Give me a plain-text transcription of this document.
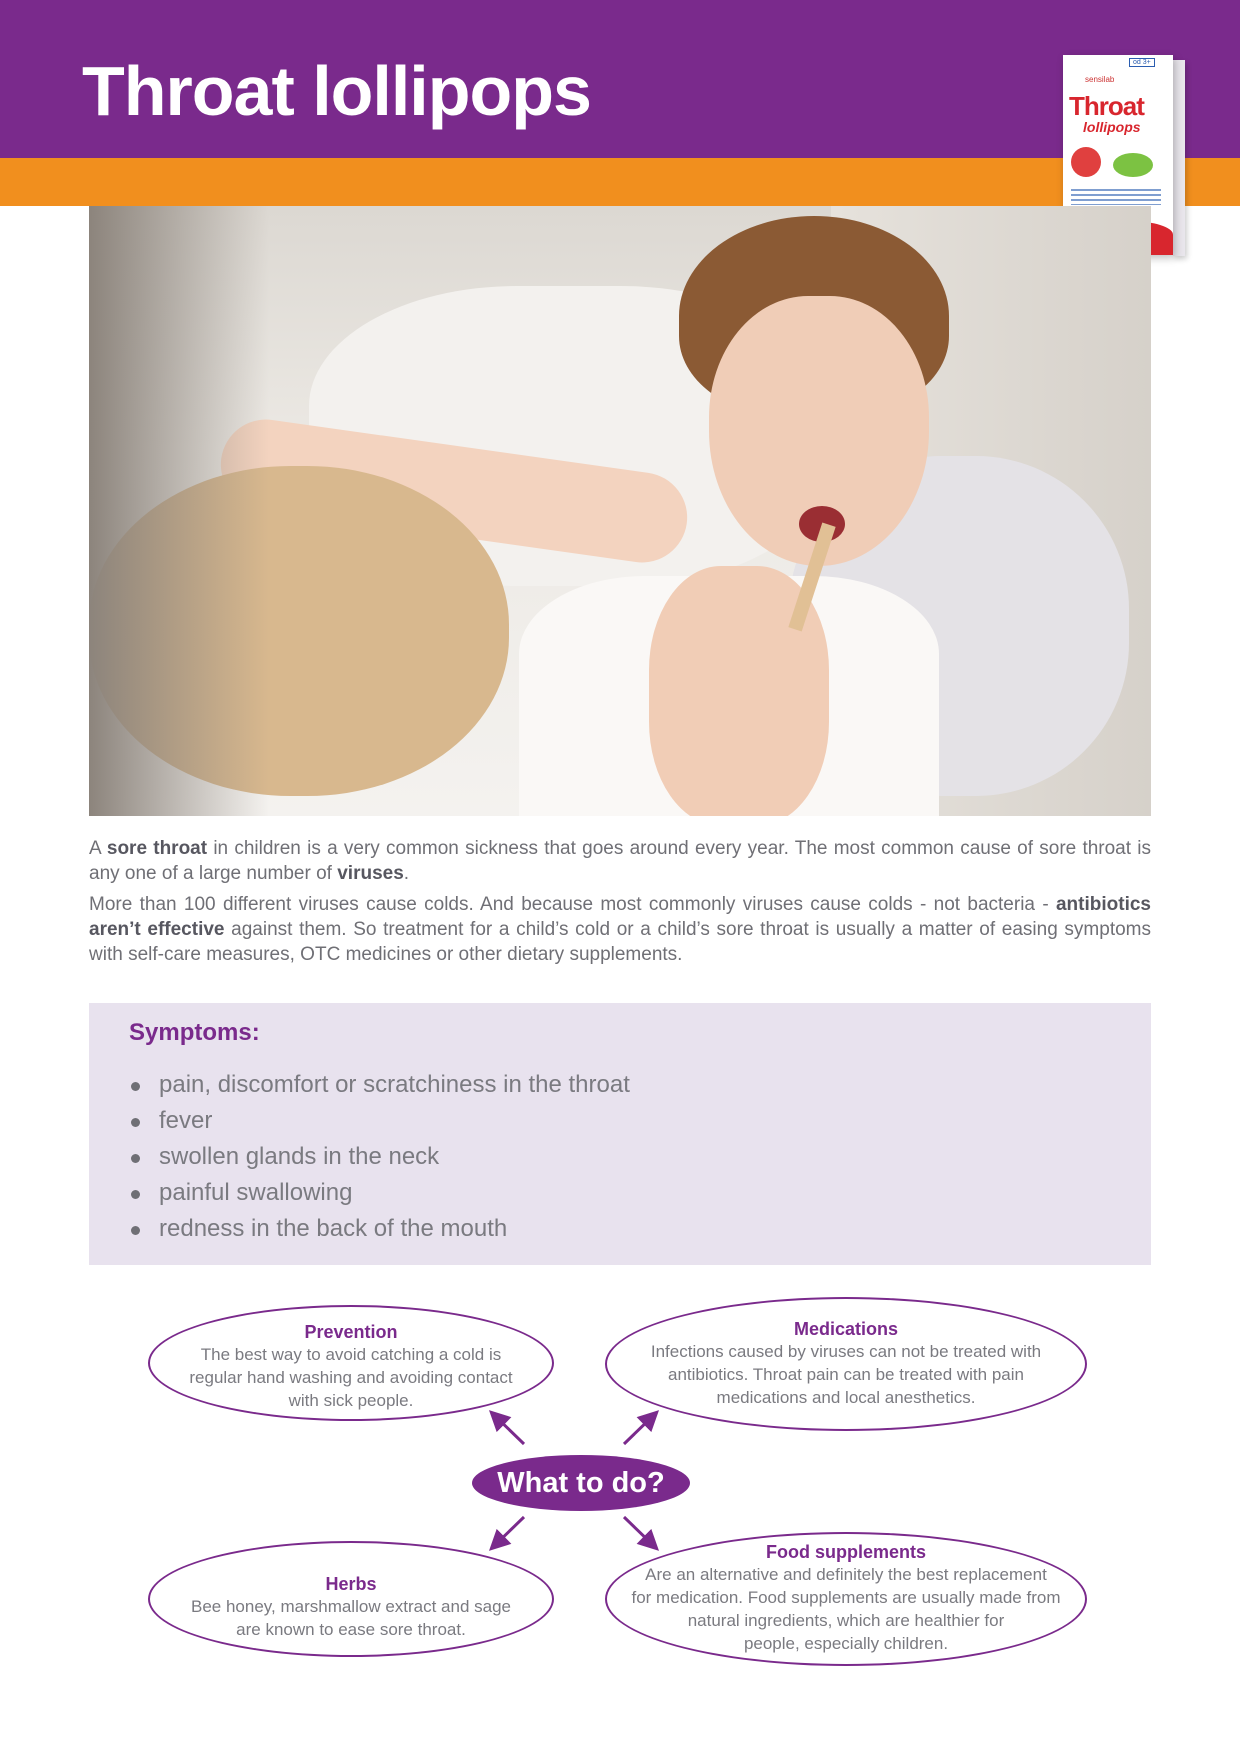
Throat lollipops	od 3+
sensilab
Throat
lollipops

A sore throat in children is a very common sickness that goes around every year. The most common cause of sore throat is any one of a large number of viruses.

More than 100 different viruses cause colds. And because most commonly viruses cause colds - not bacteria - antibiotics aren’t effective against them. So treatment for a child’s cold or a child’s sore throat is usually a matter of easing symptoms with self-care measures, OTC medicines or other dietary supplements.

Symptoms:
pain, discomfort or scratchiness in the throat
fever
swollen glands in the neck
painful swallowing
redness in the back of the mouth
Prevention
The best way to avoid catching a cold is
regular hand washing and avoiding contact
with sick people.
Medications
Infections caused by viruses can not be treated with
antibiotics. Throat pain can be treated with pain
medications and local anesthetics.
What to do?
Herbs
Bee honey, marshmallow extract and sage
are known to ease sore throat.
Food supplements
Are an alternative and definitely the best replacement
for medication. Food supplements are usually made from
natural ingredients, which are healthier for
people, especially children.
